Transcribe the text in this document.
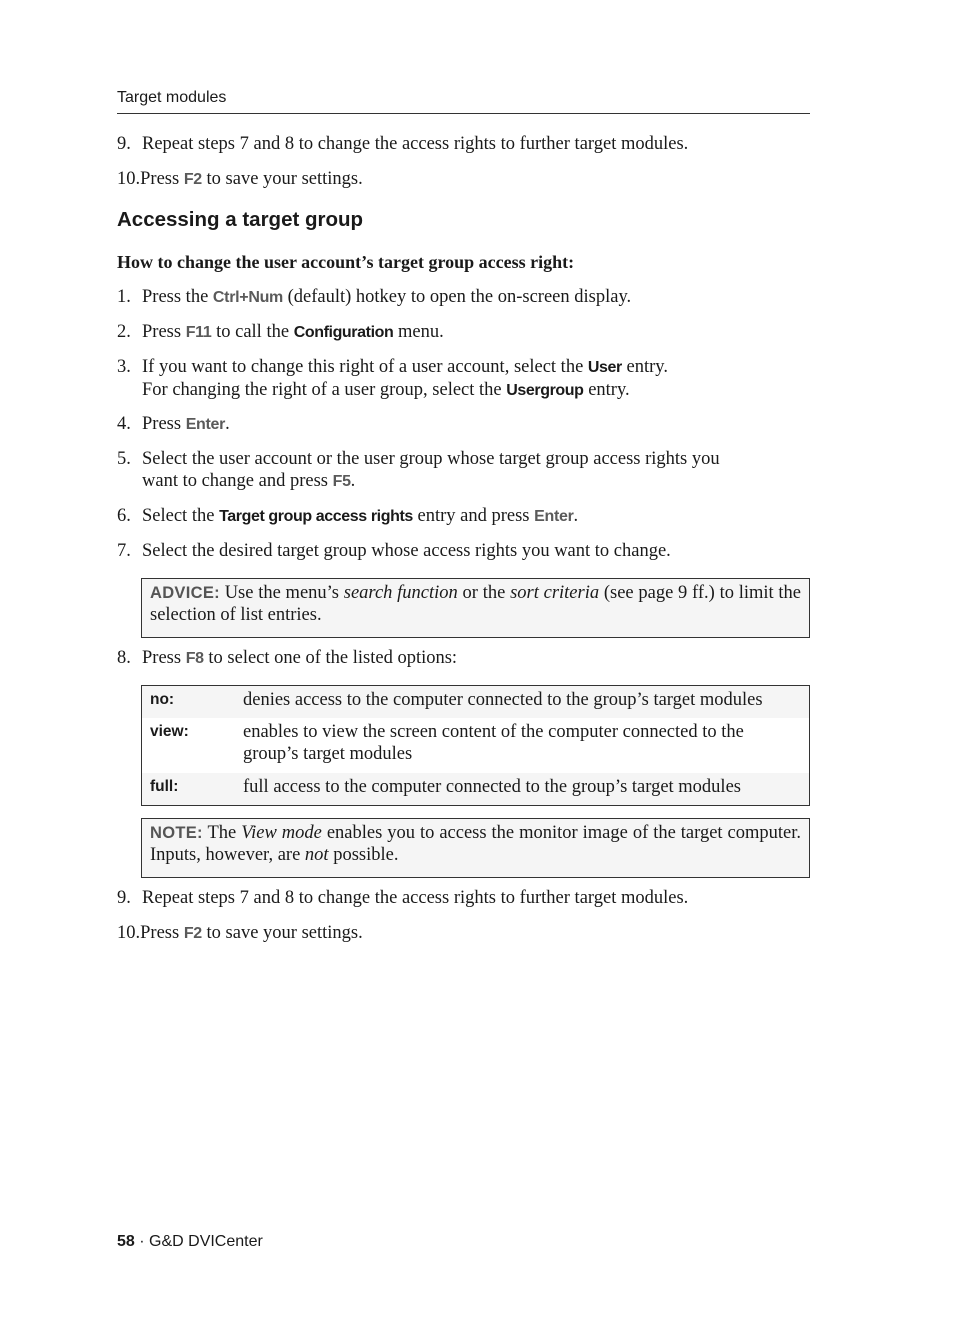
Target modules
9. Repeat steps 7 and 8 to change the access rights to further target modules.
10.Press F2 to save your settings.
Accessing a target group
How to change the user account’s target group access right:
1. Press the Ctrl+Num (default) hotkey to open the on-screen display.
2. Press F11 to call the Configuration menu.
3. If you want to change this right of a user account, select the User entry.
For changing the right of a user group, select the Usergroup entry.
4. Press Enter.
5. Select the user account or the user group whose target group access rights you
want to change and press F5.
6. Select the Target group access rights entry and press Enter.
7. Select the desired target group whose access rights you want to change.
ADVICE: Use the menu’s search function or the sort criteria (see page 9 ff.) to limit the selection of list entries.
8. Press F8 to select one of the listed options:
no:	denies access to the computer connected to the group’s target modules
view:	enables to view the screen content of the computer connected to the group’s target modules
full:	full access to the computer connected to the group’s target modules
NOTE: The View mode enables you to access the monitor image of the target computer. Inputs, however, are not possible.
9. Repeat steps 7 and 8 to change the access rights to further target modules.
10.Press F2 to save your settings.
58 · G&D DVICenter
